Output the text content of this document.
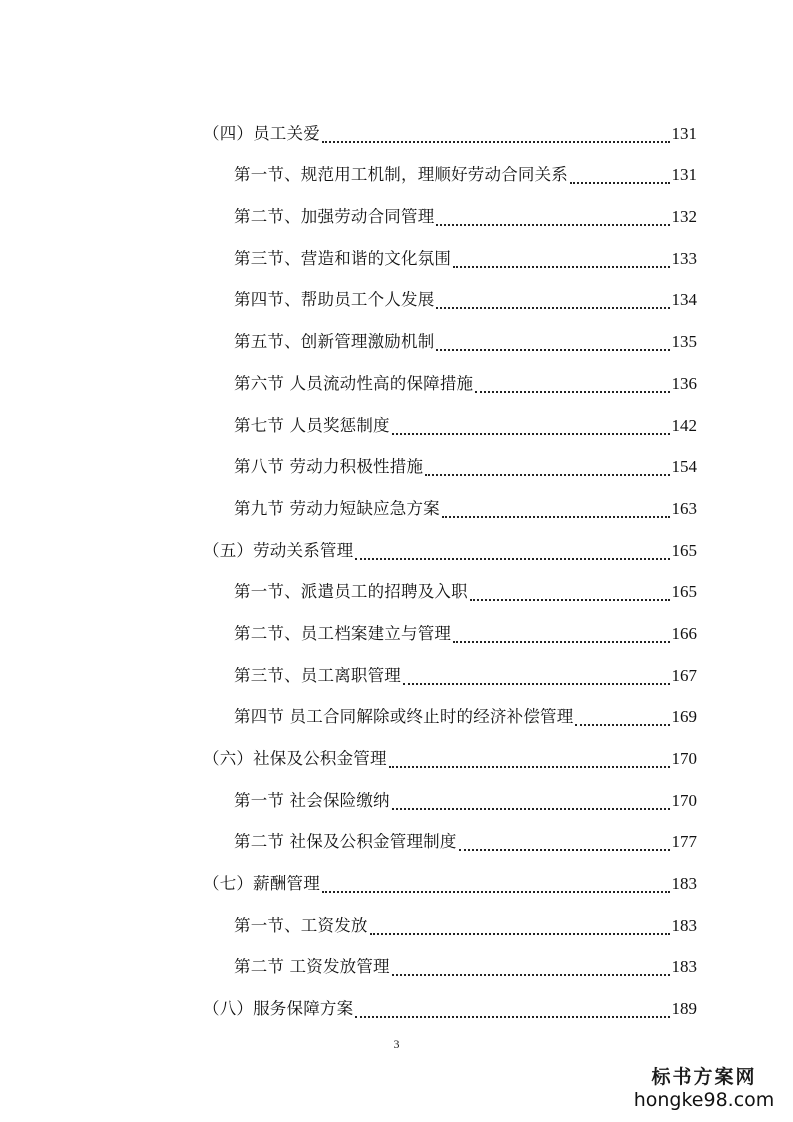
（四）员工关爱	131
第一节、规范用工机制，理顺好劳动合同关系	131
第二节、加强劳动合同管理	132
第三节、营造和谐的文化氛围	133
第四节、帮助员工个人发展	134
第五节、创新管理激励机制	135
第六节 人员流动性高的保障措施	136
第七节 人员奖惩制度	142
第八节 劳动力积极性措施	154
第九节 劳动力短缺应急方案	163
（五）劳动关系管理	165
第一节、派遣员工的招聘及入职	165
第二节、员工档案建立与管理	166
第三节、员工离职管理	167
第四节 员工合同解除或终止时的经济补偿管理	169
（六）社保及公积金管理	170
第一节 社会保险缴纳	170
第二节 社保及公积金管理制度	177
（七）薪酬管理	183
第一节、工资发放	183
第二节 工资发放管理	183
（八）服务保障方案	189
3
标书方案网
hongke98.com
